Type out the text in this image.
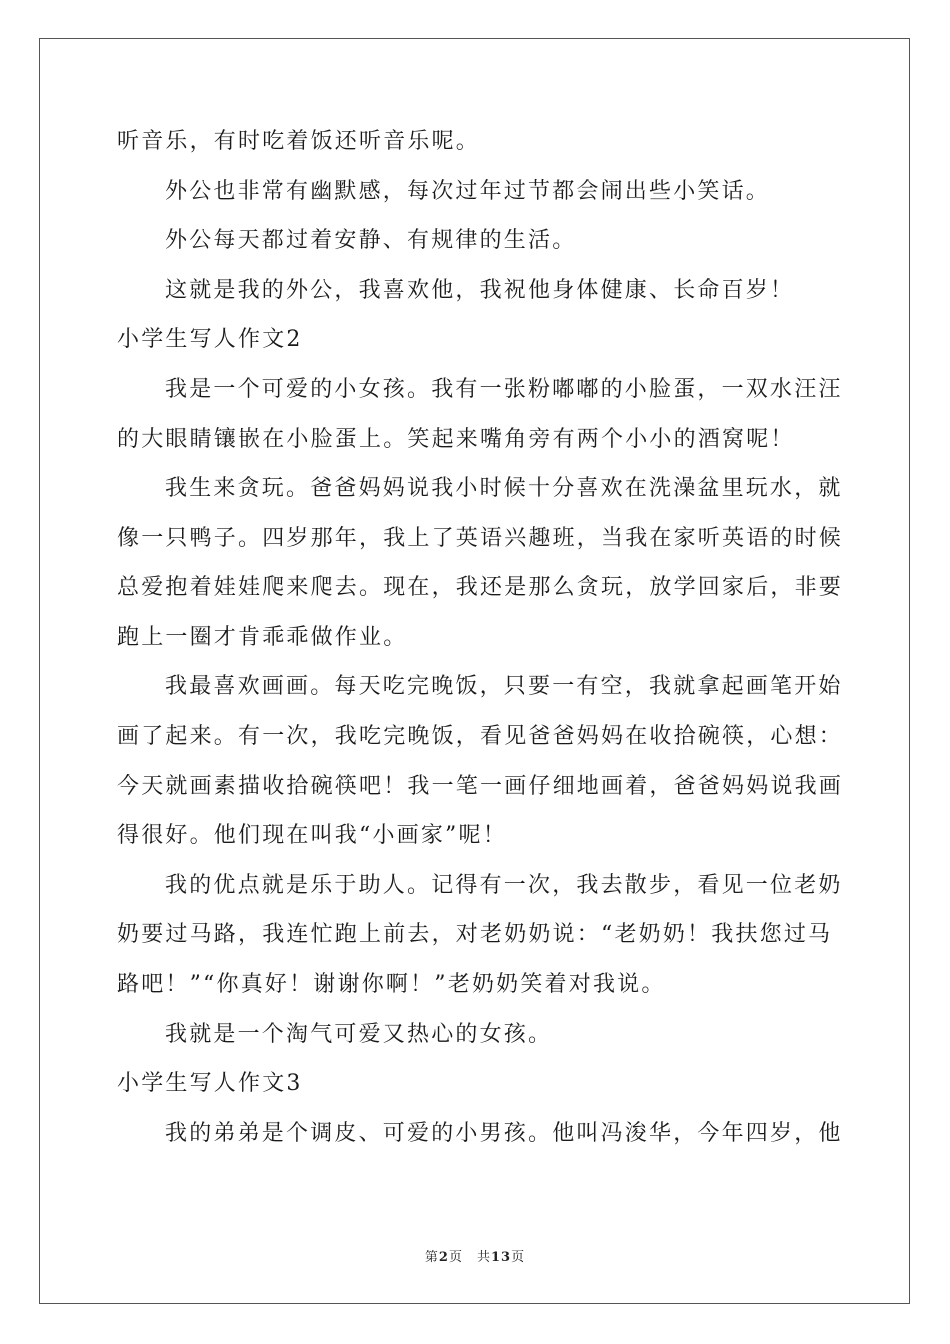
听音乐，有时吃着饭还听音乐呢。
外公也非常有幽默感，每次过年过节都会闹出些小笑话。
外公每天都过着安静、有规律的生活。
这就是我的外公，我喜欢他，我祝他身体健康、长命百岁！
小学生写人作文2
我是一个可爱的小女孩。我有一张粉嘟嘟的小脸蛋，一双水汪汪
的大眼睛镶嵌在小脸蛋上。笑起来嘴角旁有两个小小的酒窝呢！
我生来贪玩。爸爸妈妈说我小时候十分喜欢在洗澡盆里玩水，就
像一只鸭子。四岁那年，我上了英语兴趣班，当我在家听英语的时候
总爱抱着娃娃爬来爬去。现在，我还是那么贪玩，放学回家后，非要
跑上一圈才肯乖乖做作业。
我最喜欢画画。每天吃完晚饭，只要一有空，我就拿起画笔开始
画了起来。有一次，我吃完晚饭，看见爸爸妈妈在收拾碗筷，心想：
今天就画素描收拾碗筷吧！我一笔一画仔细地画着，爸爸妈妈说我画
得很好。他们现在叫我“小画家”呢！
我的优点就是乐于助人。记得有一次，我去散步，看见一位老奶
奶要过马路，我连忙跑上前去，对老奶奶说：“老奶奶！我扶您过马
路吧！”“你真好！谢谢你啊！”老奶奶笑着对我说。
我就是一个淘气可爱又热心的女孩。
小学生写人作文3
我的弟弟是个调皮、可爱的小男孩。他叫冯浚华，今年四岁，他
第2页　共13页
